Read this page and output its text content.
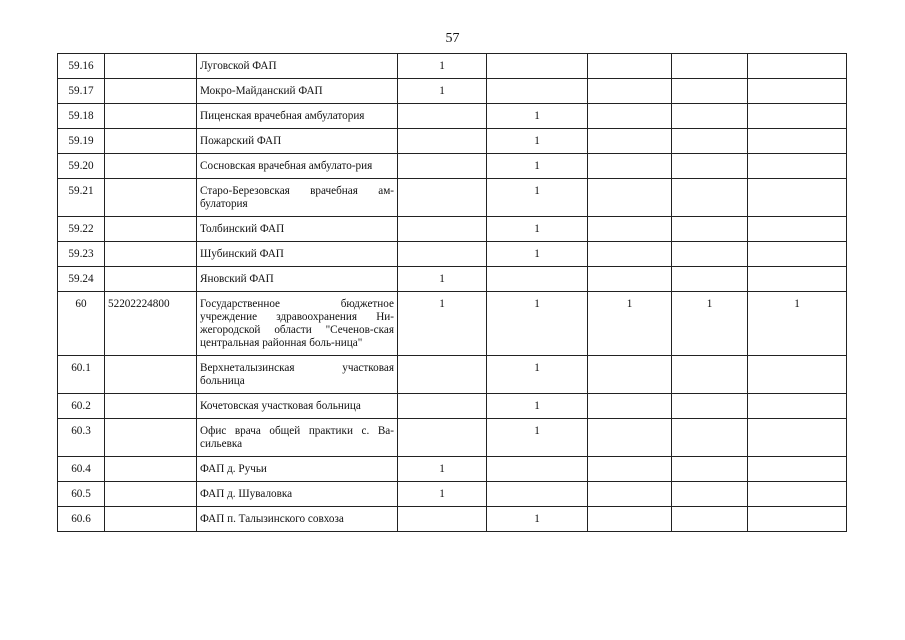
57
59.16		Луговской ФАП	1				
59.17		Мокро-Майданский ФАП	1				
59.18		Пиценская врачебная амбулатория		1			
59.19		Пожарский ФАП		1			
59.20		Сосновская врачебная амбулато-рия		1			
59.21		Старо-Березовская врачебная ам-булатория		1			
59.22		Толбинский ФАП		1			
59.23		Шубинский ФАП		1			
59.24		Яновский ФАП	1				
60	52202224800	Государственное бюджетное учреждение здравоохранения Ни-жегородской области "Сеченов-ская центральная районная боль-ница"	1	1	1	1	1
60.1		Верхнеталызинская участковая больница		1			
60.2		Кочетовская участковая больница		1			
60.3		Офис врача общей практики с. Ва-сильевка		1			
60.4		ФАП д. Ручьи	1				
60.5		ФАП д. Шуваловка	1				
60.6		ФАП п. Талызинского совхоза		1			
